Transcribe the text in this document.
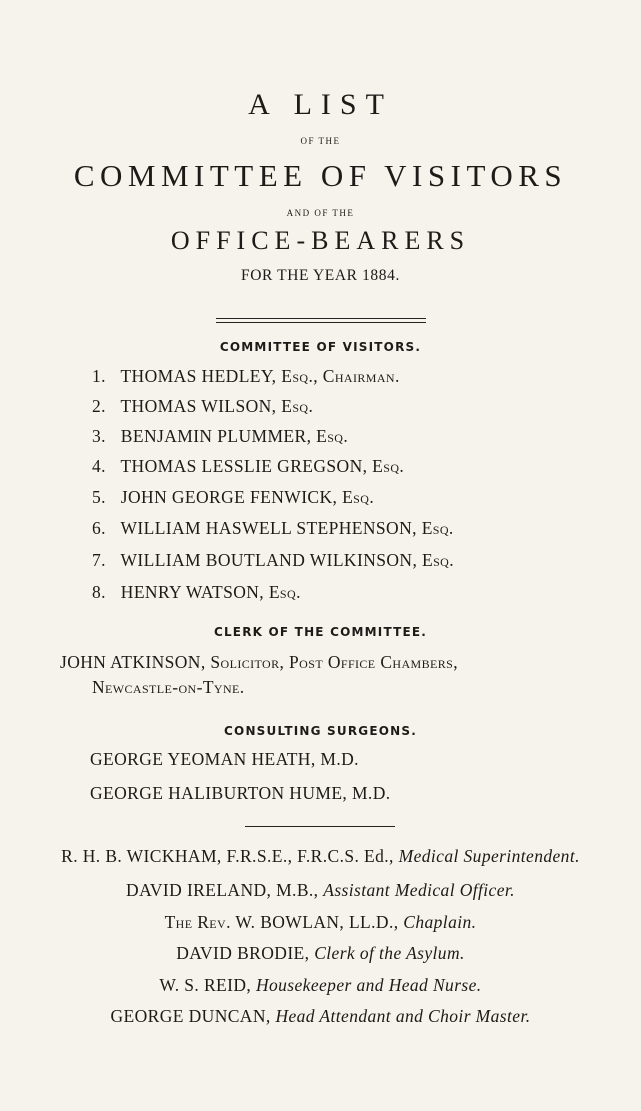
A LIST
OF THE
COMMITTEE OF VISITORS
AND OF THE
OFFICE-BEARERS
FOR THE YEAR 1884.
COMMITTEE OF VISITORS.
1. THOMAS HEDLEY, Esq., Chairman.
2. THOMAS WILSON, Esq.
3. BENJAMIN PLUMMER, Esq.
4. THOMAS LESSLIE GREGSON, Esq.
5. JOHN GEORGE FENWICK, Esq.
6. WILLIAM HASWELL STEPHENSON, Esq.
7. WILLIAM BOUTLAND WILKINSON, Esq.
8. HENRY WATSON, Esq.
CLERK OF THE COMMITTEE.
JOHN ATKINSON, Solicitor, Post Office Chambers,
Newcastle-on-Tyne.
CONSULTING SURGEONS.
GEORGE YEOMAN HEATH, M.D.
GEORGE HALIBURTON HUME, M.D.
R. H. B. WICKHAM, F.R.S.E., F.R.C.S. Ed., Medical Superintendent.
DAVID IRELAND, M.B., Assistant Medical Officer.
The Rev. W. BOWLAN, LL.D., Chaplain.
DAVID BRODIE, Clerk of the Asylum.
W. S. REID, Housekeeper and Head Nurse.
GEORGE DUNCAN, Head Attendant and Choir Master.
